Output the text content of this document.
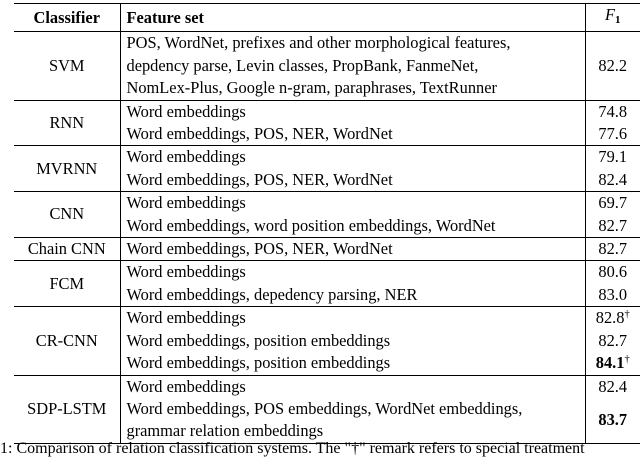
Classifier	Feature set	F1
SVM	POS, WordNet, prefixes and other morphological features,
depdency parse, Levin classes, PropBank, FanmeNet,
NomLex-Plus, Google n-gram, paraphrases, TextRunner	82.2
RNN	Word embeddings	74.8

	Word embeddings, POS, NER, WordNet	77.6
MVRNN	Word embeddings	79.1

	Word embeddings, POS, NER, WordNet	82.4
CNN	Word embeddings	69.7

	Word embeddings, word position embeddings, WordNet	82.7
Chain CNN	Word embeddings, POS, NER, WordNet	82.7
FCM	Word embeddings	80.6

	Word embeddings, depedency parsing, NER	83.0
CR-CNN	Word embeddings	82.8†

	Word embeddings, position embeddings	82.7

	Word embeddings, position embeddings	84.1†
SDP-LSTM	Word embeddings	82.4

	Word embeddings, POS embeddings, WordNet embeddings,
grammar relation embeddings	83.7
1: Comparison of relation classification systems. The "†" remark refers to special treatment
